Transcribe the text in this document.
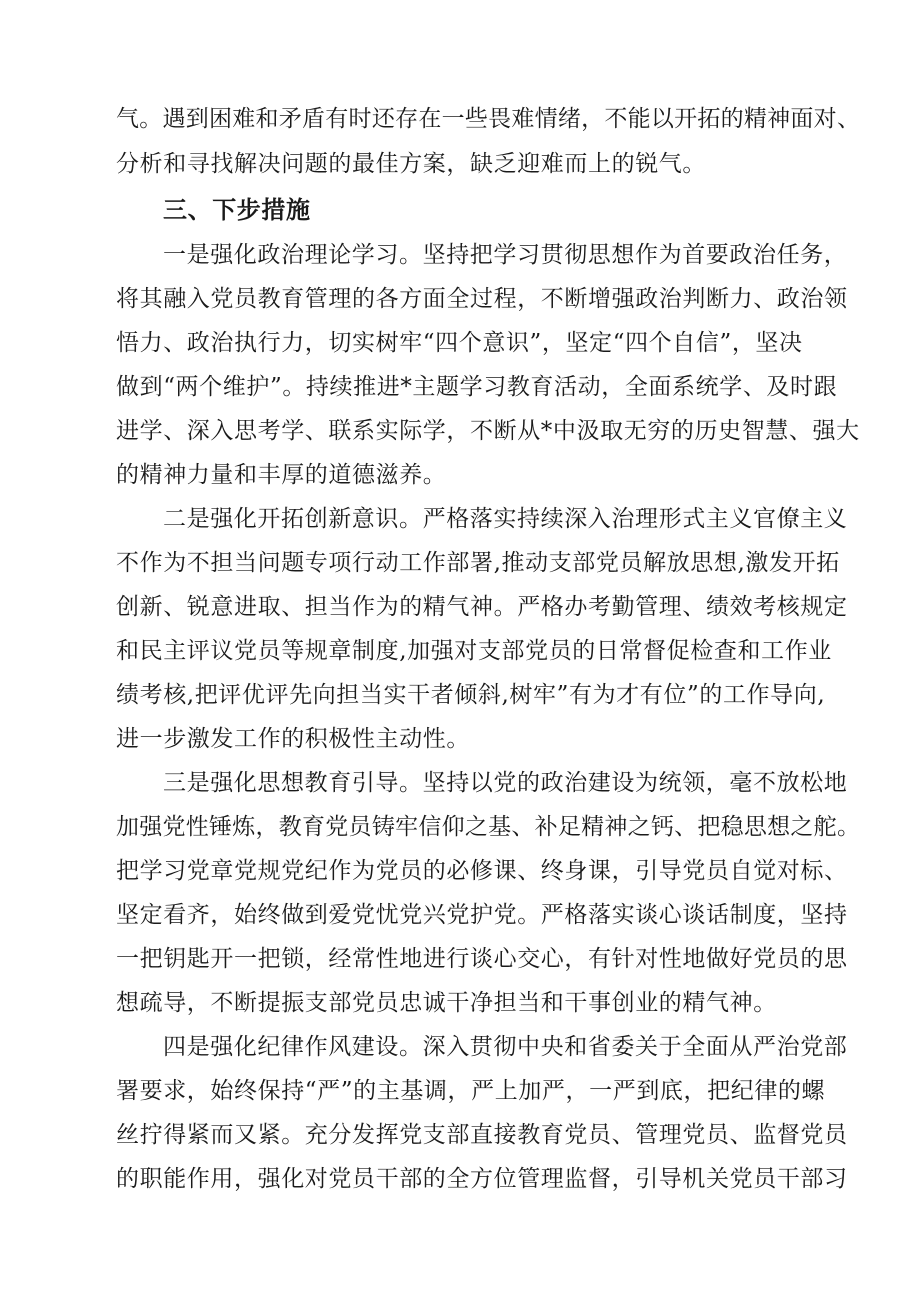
气。遇到困难和矛盾有时还存在一些畏难情绪，不能以开拓的精神面对、
分析和寻找解决问题的最佳方案，缺乏迎难而上的锐气。
三、下步措施
一是强化政治理论学习。坚持把学习贯彻思想作为首要政治任务，
将其融入党员教育管理的各方面全过程，不断增强政治判断力、政治领
悟力、政治执行力，切实树牢“四个意识”，坚定“四个自信”，坚决
做到“两个维护”。持续推进*主题学习教育活动，全面系统学、及时跟
进学、深入思考学、联系实际学，不断从*中汲取无穷的历史智慧、强大
的精神力量和丰厚的道德滋养。
二是强化开拓创新意识。严格落实持续深入治理形式主义官僚主义
不作为不担当问题专项行动工作部署,推动支部党员解放思想,激发开拓
创新、锐意进取、担当作为的精气神。严格办考勤管理、绩效考核规定
和民主评议党员等规章制度,加强对支部党员的日常督促检查和工作业
绩考核,把评优评先向担当实干者倾斜,树牢”有为才有位”的工作导向,
进一步激发工作的积极性主动性。
三是强化思想教育引导。坚持以党的政治建设为统领，毫不放松地
加强党性锤炼，教育党员铸牢信仰之基、补足精神之钙、把稳思想之舵。
把学习党章党规党纪作为党员的必修课、终身课，引导党员自觉对标、
坚定看齐，始终做到爱党忧党兴党护党。严格落实谈心谈话制度，坚持
一把钥匙开一把锁，经常性地进行谈心交心，有针对性地做好党员的思
想疏导，不断提振支部党员忠诚干净担当和干事创业的精气神。
四是强化纪律作风建设。深入贯彻中央和省委关于全面从严治党部
署要求，始终保持“严”的主基调，严上加严，一严到底，把纪律的螺
丝拧得紧而又紧。充分发挥党支部直接教育党员、管理党员、监督党员
的职能作用，强化对党员干部的全方位管理监督，引导机关党员干部习
